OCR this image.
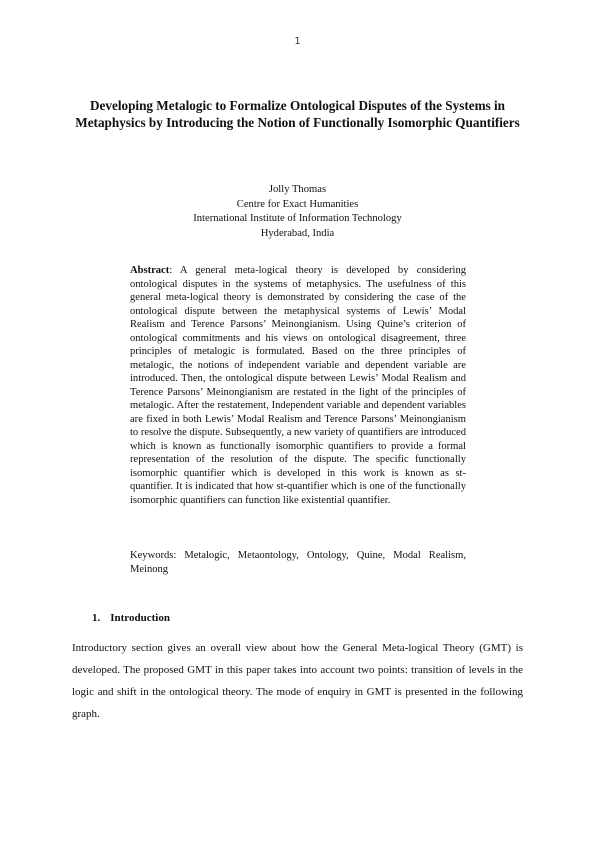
1
Developing Metalogic to Formalize Ontological Disputes of the Systems in Metaphysics by Introducing the Notion of Functionally Isomorphic Quantifiers
Jolly Thomas
Centre for Exact Humanities
International Institute of Information Technology
Hyderabad, India

Abstract: A general meta-logical theory is developed by considering ontological disputes in the systems of metaphysics. The usefulness of this general meta-logical theory is demonstrated by considering the case of the ontological dispute between the metaphysical systems of Lewis’ Modal Realism and Terence Parsons’ Meinongianism. Using Quine’s criterion of ontological commitments and his views on ontological disagreement, three principles of metalogic is formulated. Based on the three principles of metalogic, the notions of independent variable and dependent variable are introduced. Then, the ontological dispute between Lewis’ Modal Realism and Terence Parsons’ Meinongianism are restated in the light of the principles of metalogic. After the restatement, Independent variable and dependent variables are fixed in both Lewis’ Modal Realism and Terence Parsons’ Meinongianism to resolve the dispute. Subsequently, a new variety of quantifiers are introduced which is known as functionally isomorphic quantifiers to provide a formal representation of the resolution of the dispute. The specific functionally isomorphic quantifier which is developed in this work is known as st-quantifier. It is indicated that how st-quantifier which is one of the functionally isomorphic quantifiers can function like existential quantifier.

Keywords: Metalogic, Metaontology, Ontology, Quine, Modal Realism, Meinong

1. Introduction

Introductory section gives an overall view about how the General Meta-logical Theory (GMT) is developed. The proposed GMT in this paper takes into account two points: transition of levels in the logic and shift in the ontological theory. The mode of enquiry in GMT is presented in the following graph.
